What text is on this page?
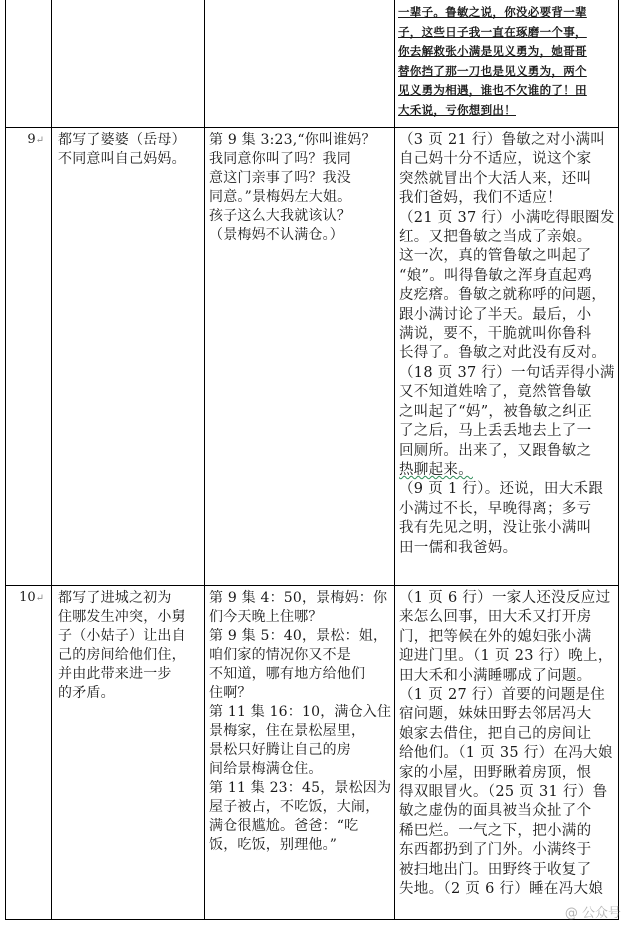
一辈子。鲁敏之说，你没必要背一辈
子，这些日子我一直在琢磨一个事，
你去解救张小满是见义勇为，她哥哥
替你挡了那一刀也是见义勇为，两个
见义勇为相遇，谁也不欠谁的了！田
大禾说，亏你想到出！
9↵ 都写了婆婆（岳母）
不同意叫自己妈妈。
第 9 集 3:23,“你叫谁妈？
我同意你叫了吗？我同
意这门亲事了吗？我没
同意。”景梅妈左大姐。
孩子这么大我就该认？
（景梅妈不认满仓。）
（3 页 21 行）鲁敏之对小满叫
自己妈十分不适应，说这个家
突然就冒出个大活人来，还叫
我们爸妈，我们不适应！
（21 页 37 行）小满吃得眼圈发
红。又把鲁敏之当成了亲娘。
这一次，真的管鲁敏之叫起了
“娘”。叫得鲁敏之浑身直起鸡
皮疙瘩。鲁敏之就称呼的问题，
跟小满讨论了半天。最后，小
满说，要不，干脆就叫你鲁科
长得了。鲁敏之对此没有反对。
（18 页 37 行）一句话弄得小满
又不知道姓啥了，竟然管鲁敏
之叫起了“妈”，被鲁敏之纠正
了之后，马上丢丢地去上了一
回厕所。出来了，又跟鲁敏之
热聊起来。
（9 页 1 行）。还说，田大禾跟
小满过不长，早晚得离；多亏
我有先见之明，没让张小满叫
田一儒和我爸妈。
10↵ 都写了进城之初为
住哪发生冲突，小舅
子（小姑子）让出自
己的房间给他们住，
并由此带来进一步
的矛盾。
第 9 集 4：50，景梅妈：你
们今天晚上住哪？
第 9 集 5：40，景松：姐，
咱们家的情况你又不是
不知道，哪有地方给他们
住啊？
第 11 集 16：10，满仓入住
景梅家，住在景松屋里，
景松只好腾让自己的房
间给景梅满仓住。
第 11 集 23：45，景松因为
屋子被占，不吃饭，大闹，
满仓很尴尬。爸爸：“吃
饭，吃饭，别理他。”
（1 页 6 行）一家人还没反应过
来怎么回事，田大禾又打开房
门，把等候在外的媳妇张小满
迎进门里。（1 页 23 行）晚上，
田大禾和小满睡哪成了问题。
（1 页 27 行）首要的问题是住
宿问题，妹妹田野去邻居冯大
娘家去借住，把自己的房间让
给他们。（1 页 35 行）在冯大娘
家的小屋，田野瞅着房顶，恨
得双眼冒火。（25 页 31 行）鲁
敏之虚伪的面具被当众扯了个
稀巴烂。一气之下，把小满的
东西都扔到了门外。小满终于
被扫地出门。田野终于收复了
失地。（2 页 6 行）睡在冯大娘
@ 公众号
